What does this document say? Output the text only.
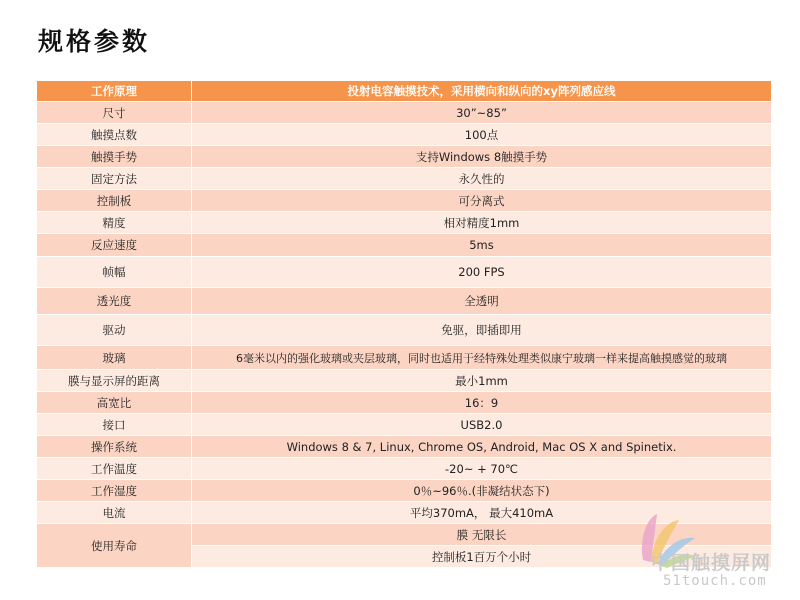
规格参数
工作原理	投射电容触摸技术，采用横向和纵向的xy阵列感应线
尺寸	30”~85”
触摸点数	100点
触摸手势	支持Windows 8触摸手势
固定方法	永久性的
控制板	可分离式
精度	相对精度1mm
反应速度	5ms
帧幅	200 FPS
透光度	全透明
驱动	免驱，即插即用
玻璃	6毫米以内的强化玻璃或夹层玻璃，同时也适用于经特殊处理类似康宁玻璃一样来提高触摸感觉的玻璃
膜与显示屏的距离	最小1mm
高宽比	16：9
接口	USB2.0
操作系统	Windows 8 & 7, Linux, Chrome OS, Android, Mac OS X and Spinetix.
工作温度	-20~ + 70℃
工作湿度	0％~96％.(非凝结状态下)
电流	平均370mA， 最大410mA
使用寿命	膜 无限长
	控制板1百万个小时	中国触摸屏网
51touch.com
